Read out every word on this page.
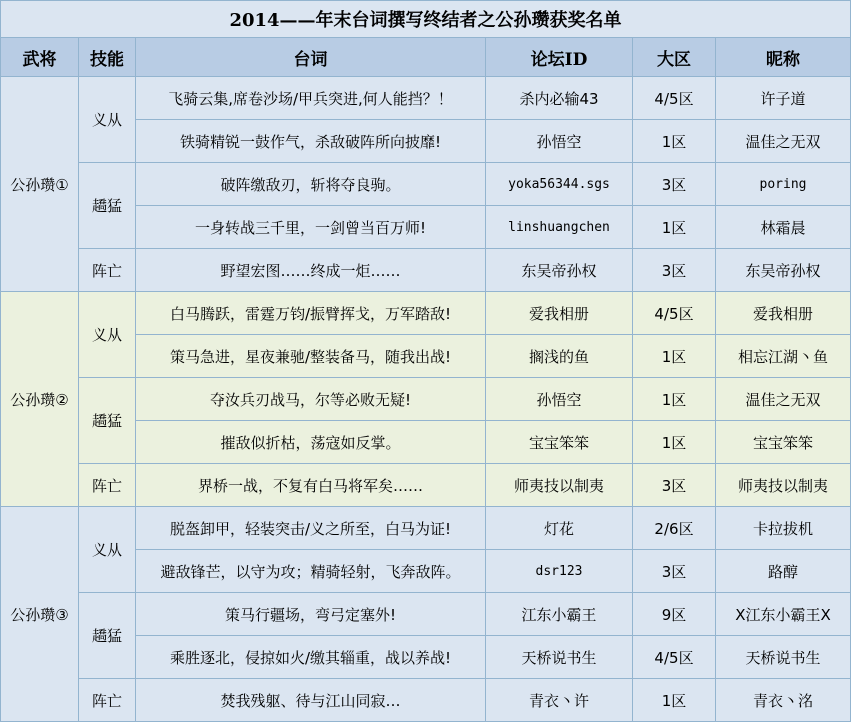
2014——年末台词撰写终结者之公孙瓒获奖名单					
武将	技能	台词	论坛ID	大区	昵称
公孙瓒①	义从	飞骑云集,席卷沙场/甲兵突进,何人能挡？！	杀内必输43	4/5区	许子道
		铁骑精锐一鼓作气，杀敌破阵所向披靡!	孙悟空	1区	温佳之无双
	趫猛	破阵缴敌刃，斩将夺良驹。	yoka56344.sgs	3区	poring
		一身转战三千里，一剑曾当百万师!	linshuangchen	1区	林霜晨
	阵亡	野望宏图……终成一炬……	东吴帝孙权	3区	东吴帝孙权
公孙瓒②	义从	白马腾跃，雷霆万钧/振臂挥戈，万军踏敌!	爱我相册	4/5区	爱我相册
		策马急进，星夜兼驰/整装备马，随我出战!	搁浅的鱼	1区	相忘江湖丶鱼
	趫猛	夺汝兵刃战马，尔等必败无疑!	孙悟空	1区	温佳之无双
		摧敌似折枯，荡寇如反掌。	宝宝笨笨	1区	宝宝笨笨
	阵亡	界桥一战，不复有白马将军矣……	师夷技以制夷	3区	师夷技以制夷
公孙瓒③	义从	脱盔卸甲，轻装突击/义之所至，白马为证!	灯花	2/6区	卡拉拔机
		避敌锋芒，以守为攻；精骑轻射，飞奔敌阵。	dsr123	3区	路醇
	趫猛	策马行疆场，弯弓定塞外!	江东小霸王	9区	X江东小霸王X
		乘胜逐北，侵掠如火/缴其辎重，战以养战!	天桥说书生	4/5区	天桥说书生
	阵亡	焚我残躯、待与江山同寂…	青衣丶许	1区	青衣丶洺
